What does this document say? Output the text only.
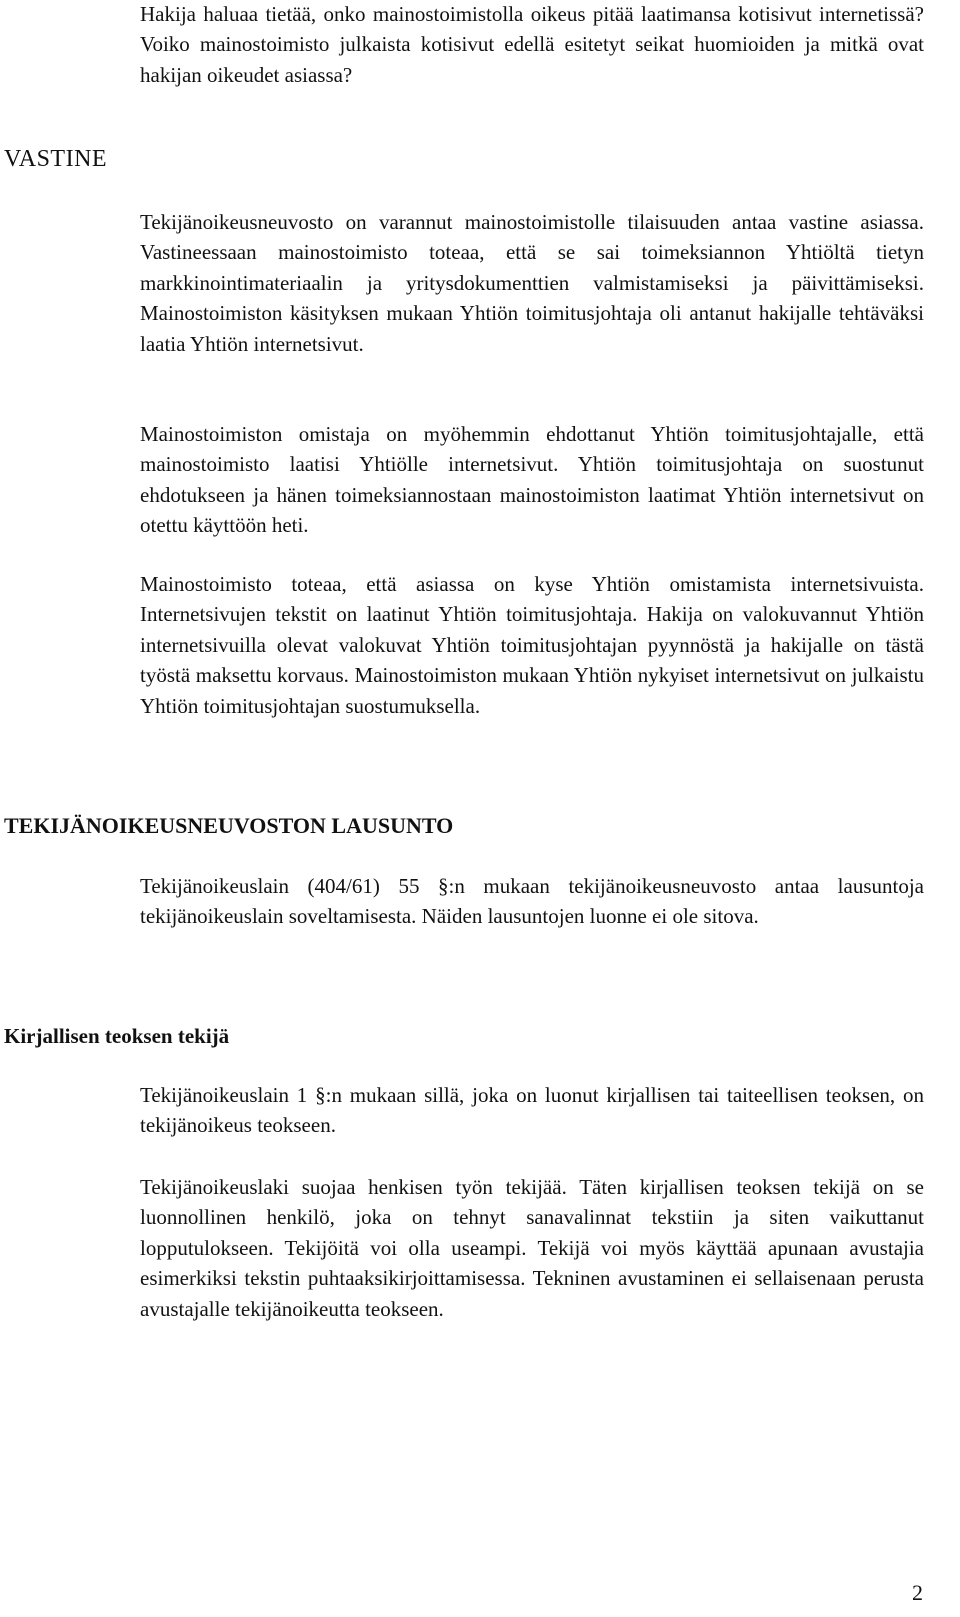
Hakija haluaa tietää, onko mainostoimistolla oikeus pitää laatimansa kotisivut internetissä? Voiko mainostoimisto julkaista kotisivut edellä esitetyt seikat huomioiden ja mitkä ovat hakijan oikeudet asiassa?

VASTINE

Tekijänoikeusneuvosto on varannut mainostoimistolle tilaisuuden antaa vastine asiassa. Vastineessaan mainostoimisto toteaa, että se sai toimeksiannon Yhtiöltä tietyn markkinointimateriaalin ja yritysdokumenttien valmistamiseksi ja päivittämiseksi. Mainostoimiston käsityksen mukaan Yhtiön toimitusjohtaja oli antanut hakijalle tehtäväksi laatia Yhtiön internetsivut.

Mainostoimiston omistaja on myöhemmin ehdottanut Yhtiön toimitusjohtajalle, että mainostoimisto laatisi Yhtiölle internetsivut. Yhtiön toimitusjohtaja on suostunut ehdotukseen ja hänen toimeksiannostaan mainostoimiston laatimat Yhtiön internetsivut on otettu käyttöön heti.

Mainostoimisto toteaa, että asiassa on kyse Yhtiön omistamista internetsivuista. Internetsivujen tekstit on laatinut Yhtiön toimitusjohtaja. Hakija on valokuvannut Yhtiön internetsivuilla olevat valokuvat Yhtiön toimitusjohtajan pyynnöstä ja hakijalle on tästä työstä maksettu korvaus. Mainostoimiston mukaan Yhtiön nykyiset internetsivut on julkaistu Yhtiön toimitusjohtajan suostumuksella.

TEKIJÄNOIKEUSNEUVOSTON LAUSUNTO

Tekijänoikeuslain (404/61) 55 §:n mukaan tekijänoikeusneuvosto antaa lausuntoja tekijänoikeuslain soveltamisesta. Näiden lausuntojen luonne ei ole sitova.

Kirjallisen teoksen tekijä

Tekijänoikeuslain 1 §:n mukaan sillä, joka on luonut kirjallisen tai taiteellisen teoksen, on tekijänoikeus teokseen.

Tekijänoikeuslaki suojaa henkisen työn tekijää. Täten kirjallisen teoksen tekijä on se luonnollinen henkilö, joka on tehnyt sanavalinnat tekstiin ja siten vaikuttanut lopputulokseen. Tekijöitä voi olla useampi. Tekijä voi myös käyttää apunaan avustajia esimerkiksi tekstin puhtaaksikirjoittamisessa. Tekninen avustaminen ei sellaisenaan perusta avustajalle tekijänoikeutta teokseen.

2
